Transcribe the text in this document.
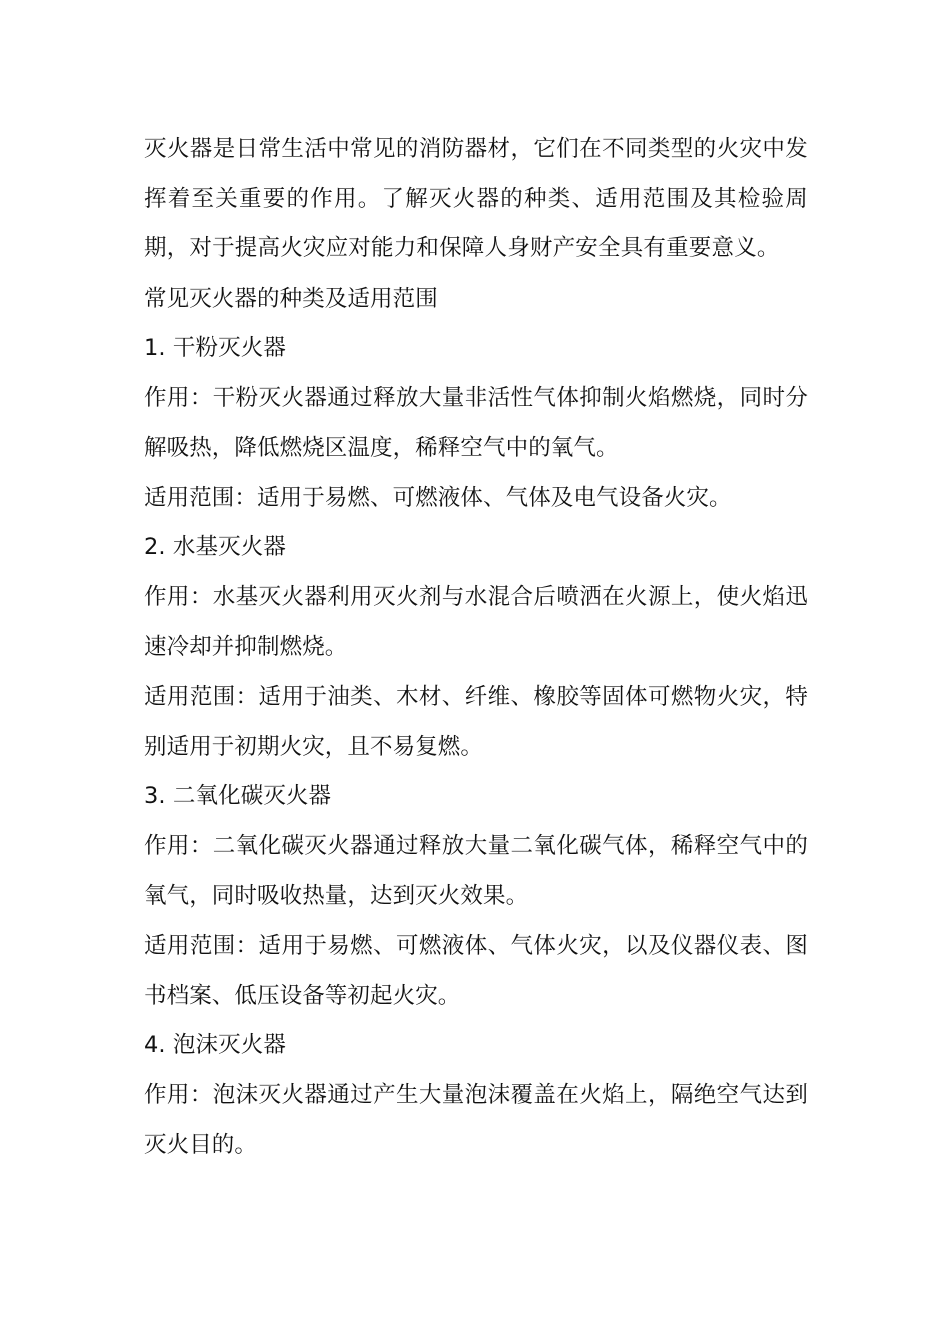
灭火器是日常生活中常见的消防器材，它们在不同类型的火灾中发挥着至关重要的作用。了解灭火器的种类、适用范围及其检验周期，对于提高火灾应对能力和保障人身财产安全具有重要意义。

常见灭火器的种类及适用范围

1. 干粉灭火器

作用：干粉灭火器通过释放大量非活性气体抑制火焰燃烧，同时分解吸热，降低燃烧区温度，稀释空气中的氧气。

适用范围：适用于易燃、可燃液体、气体及电气设备火灾。

2. 水基灭火器

作用：水基灭火器利用灭火剂与水混合后喷洒在火源上，使火焰迅速冷却并抑制燃烧。

适用范围：适用于油类、木材、纤维、橡胶等固体可燃物火灾，特别适用于初期火灾，且不易复燃。

3. 二氧化碳灭火器

作用：二氧化碳灭火器通过释放大量二氧化碳气体，稀释空气中的氧气，同时吸收热量，达到灭火效果。

适用范围：适用于易燃、可燃液体、气体火灾，以及仪器仪表、图书档案、低压设备等初起火灾。

4. 泡沫灭火器

作用：泡沫灭火器通过产生大量泡沫覆盖在火焰上，隔绝空气达到灭火目的。
